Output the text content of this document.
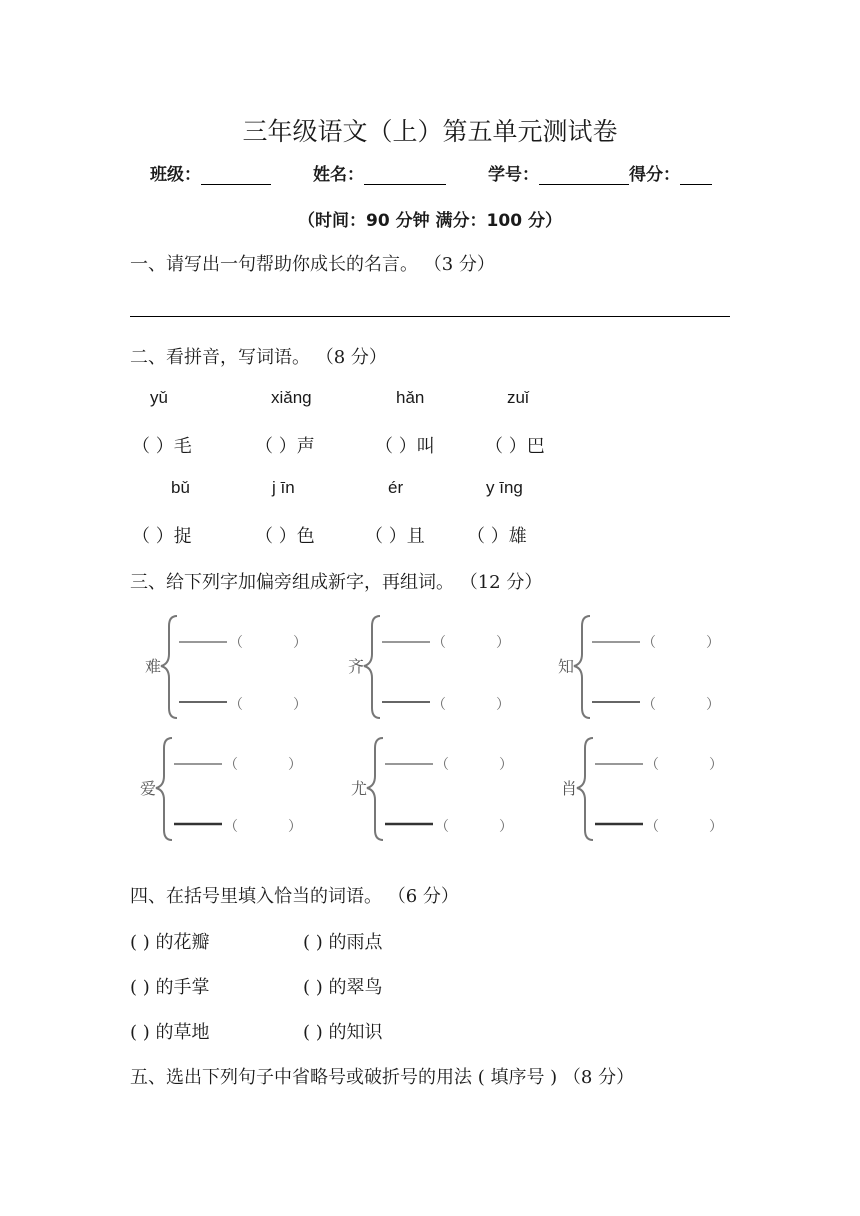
三年级语文（上）第五单元测试卷
班级：	姓名：	学号：	得分：
（时间：90 分钟 满分：100 分）
一、请写出一句帮助你成长的名言。 （3 分）
二、看拼音，写词语。 （8 分）
yǔ	xiǎng	hǎn	zuǐ
（ ）毛	（ ）声	（ ）叫	（ ）巴
bǔ	j īn	ér	y īng
（ ）捉	（ ）色	（ ）且 （ ）雄
三、给下列字加偏旁组成新字，再组词。 （12 分）
难
（	）
（	）
齐
（	）
（	）
知
（	）
（	）
爱
（	）
（	）
尤
（	）
（	）
肖
（	）
（	）
四、在括号里填入恰当的词语。 （6 分）
( ) 的花瓣	( ) 的雨点
( ) 的手掌	( ) 的翠鸟
( ) 的草地	( ) 的知识
五、选出下列句子中省略号或破折号的用法 ( 填序号 ) （8 分）
